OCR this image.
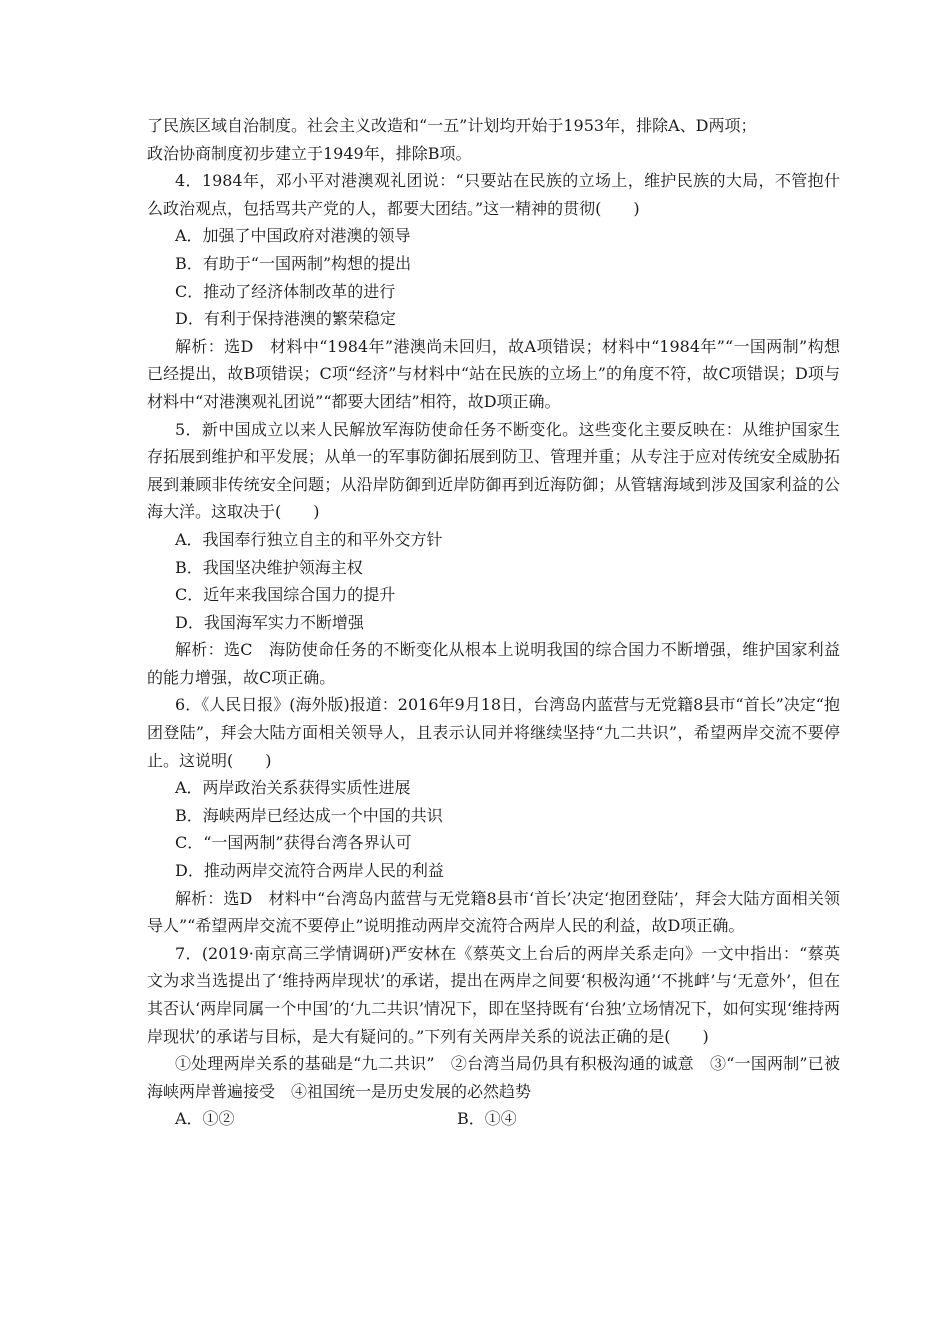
了民族区域自治制度。社会主义改造和“一五”计划均开始于1953年，排除A、D两项；

政治协商制度初步建立于1949年，排除B项。

4．1984年，邓小平对港澳观礼团说：“只要站在民族的立场上，维护民族的大局，不管抱什么政治观点，包括骂共产党的人，都要大团结。”这一精神的贯彻(　　)

A．加强了中国政府对港澳的领导

B．有助于“一国两制”构想的提出

C．推动了经济体制改革的进行

D．有利于保持港澳的繁荣稳定

解析：选D　材料中“1984年”港澳尚未回归，故A项错误；材料中“1984年”“一国两制”构想已经提出，故B项错误；C项“经济”与材料中“站在民族的立场上”的角度不符，故C项错误；D项与材料中“对港澳观礼团说”“都要大团结”相符，故D项正确。

5．新中国成立以来人民解放军海防使命任务不断变化。这些变化主要反映在：从维护国家生存拓展到维护和平发展；从单一的军事防御拓展到防卫、管理并重；从专注于应对传统安全威胁拓展到兼顾非传统安全问题；从沿岸防御到近岸防御再到近海防御；从管辖海域到涉及国家利益的公海大洋。这取决于(　　)

A．我国奉行独立自主的和平外交方针

B．我国坚决维护领海主权

C．近年来我国综合国力的提升

D．我国海军实力不断增强

解析：选C　海防使命任务的不断变化从根本上说明我国的综合国力不断增强，维护国家利益的能力增强，故C项正确。

6．《人民日报》(海外版)报道：2016年9月18日，台湾岛内蓝营与无党籍8县市“首长”决定“抱团登陆”，拜会大陆方面相关领导人，且表示认同并将继续坚持“九二共识”，希望两岸交流不要停止。这说明(　　)

A．两岸政治关系获得实质性进展

B．海峡两岸已经达成一个中国的共识

C．“一国两制”获得台湾各界认可

D．推动两岸交流符合两岸人民的利益

解析：选D　材料中“台湾岛内蓝营与无党籍8县市‘首长’决定‘抱团登陆’，拜会大陆方面相关领导人”“希望两岸交流不要停止”说明推动两岸交流符合两岸人民的利益，故D项正确。

7．(2019·南京高三学情调研)严安林在《蔡英文上台后的两岸关系走向》一文中指出：“蔡英文为求当选提出了‘维持两岸现状’的承诺，提出在两岸之间要‘积极沟通’‘不挑衅’与‘无意外’，但在其否认‘两岸同属一个中国’的‘九二共识’情况下，即在坚持既有‘台独’立场情况下，如何实现‘维持两岸现状’的承诺与目标，是大有疑问的。”下列有关两岸关系的说法正确的是(　　)

①处理两岸关系的基础是“九二共识”　②台湾当局仍具有积极沟通的诚意　③“一国两制”已被海峡两岸普遍接受　④祖国统一是历史发展的必然趋势

A．①②	B．①④
